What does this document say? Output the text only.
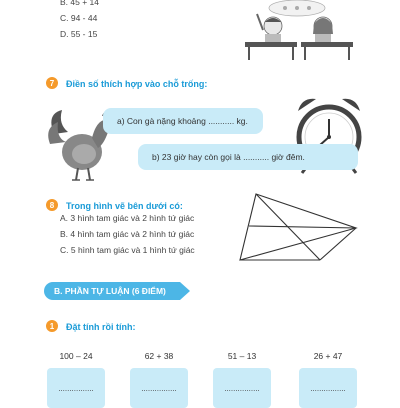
B. 45 + 14
C. 94 - 44
D. 55 - 15
7	Điền số thích hợp vào chỗ trống:
a) Con gà nặng khoảng ........... kg.
b) 23 giờ hay còn gọi là ........... giờ đêm.
8	Trong hình vẽ bên dưới có:
A. 3 hình tam giác và 2 hình tứ giác
B. 4 hình tam giác và 2 hình tứ giác
C. 5 hình tam giác và 1 hình tứ giác
B. PHẦN TỰ LUẬN (6 ĐIỂM)
1	Đặt tính rồi tính:
100 – 24	62 + 38	51 – 13	26 + 47
................	................	................	................
